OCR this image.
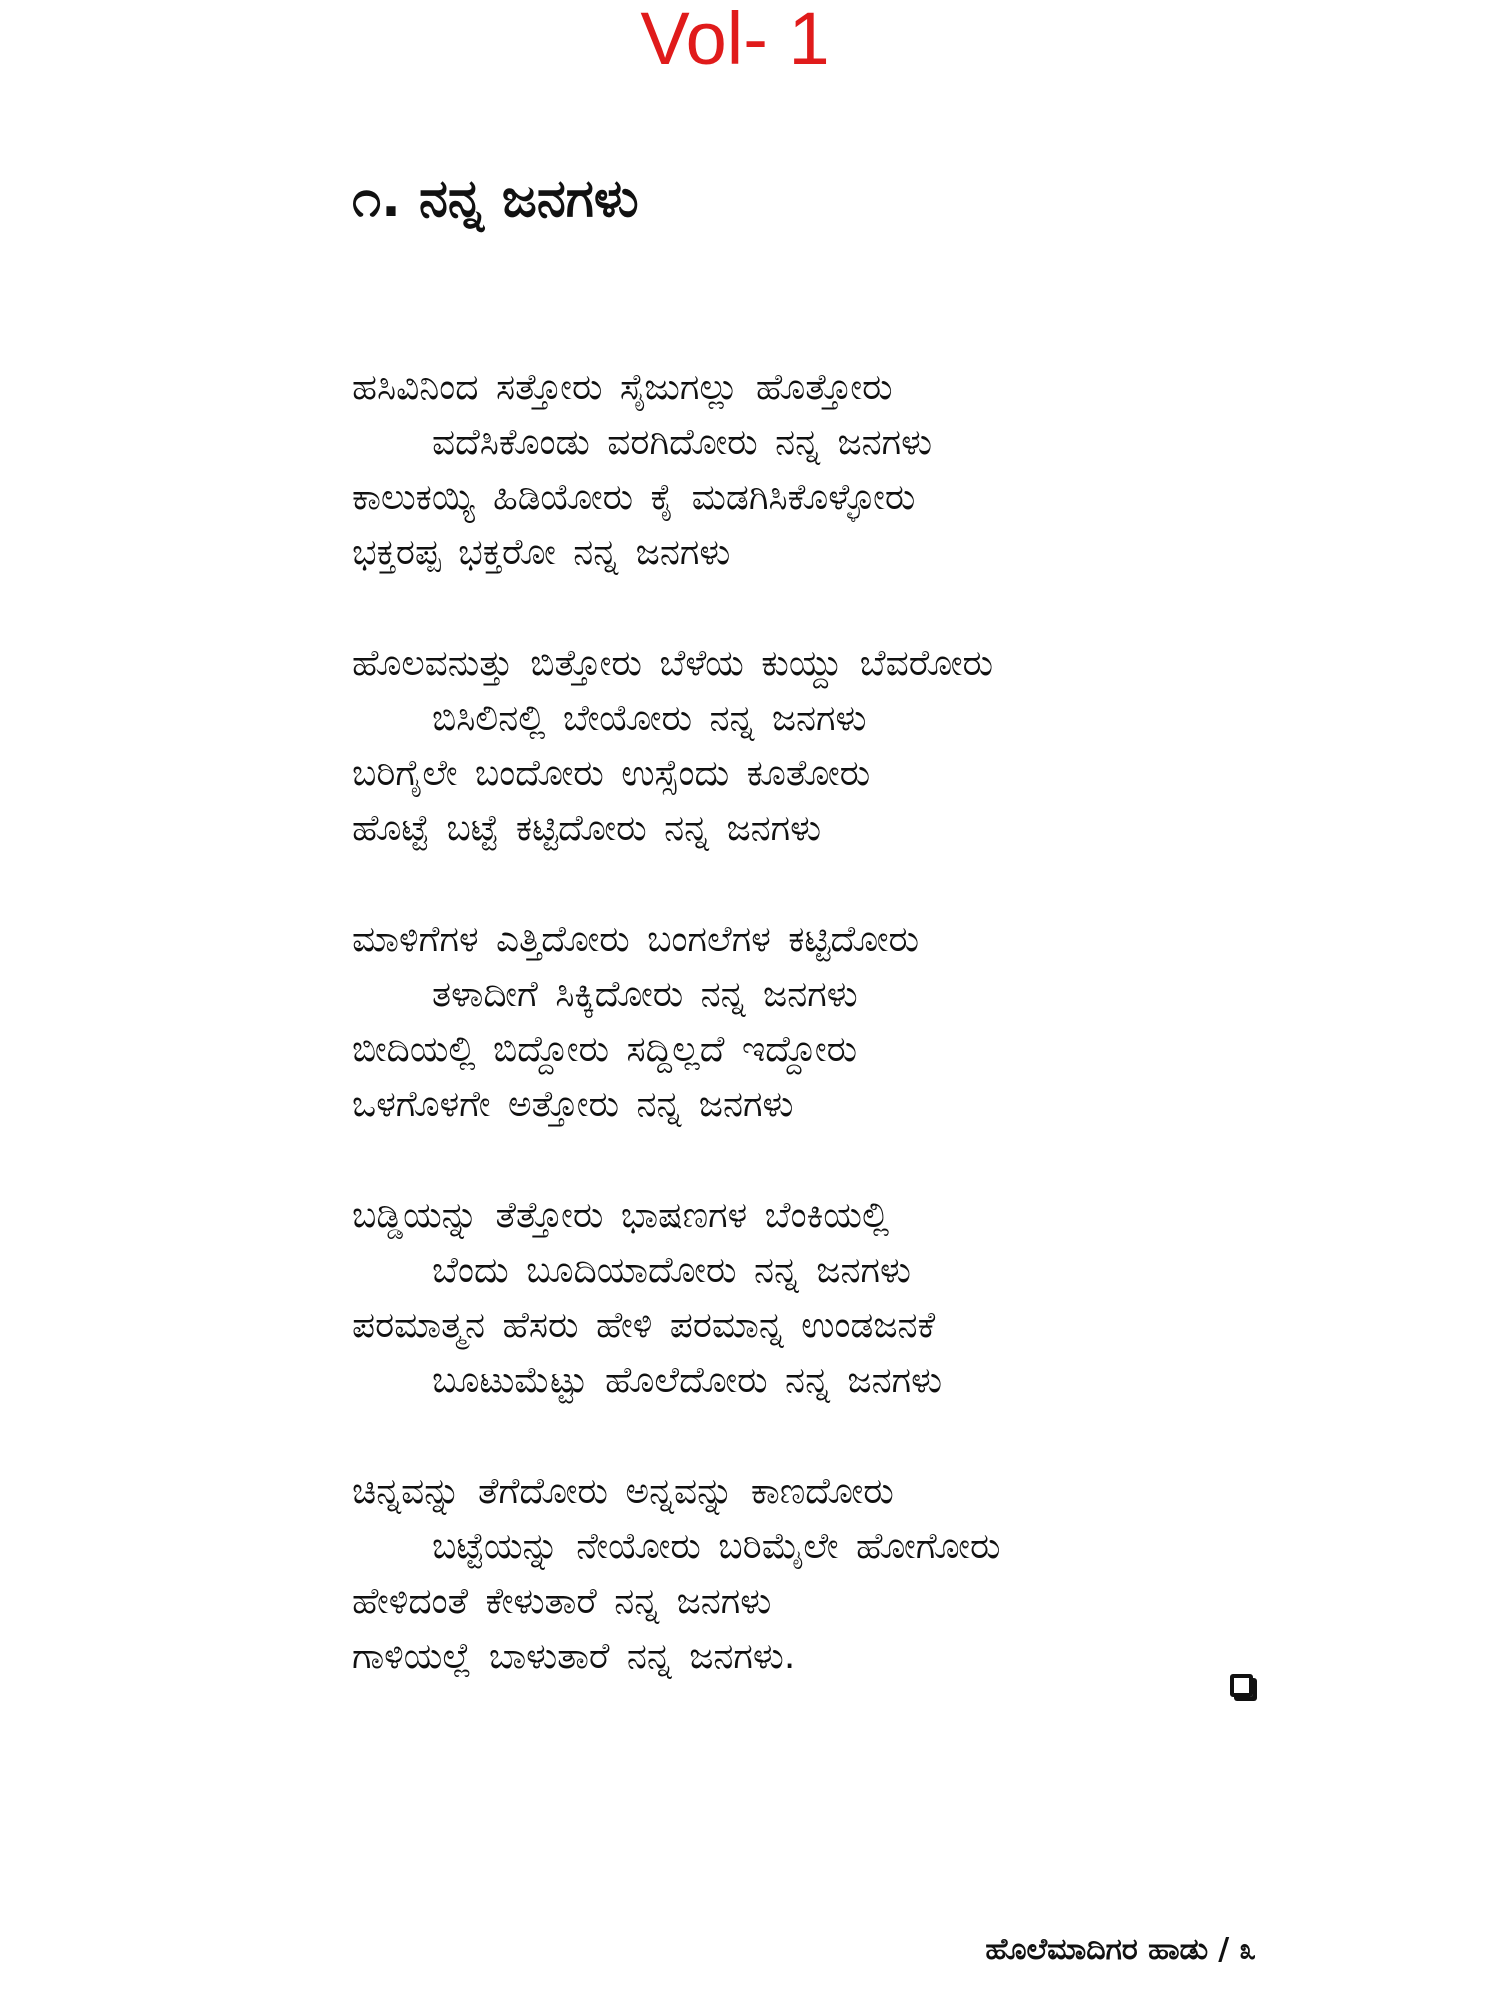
Vol- 1
೧. ನನ್ನ ಜನಗಳು
ಹಸಿವಿನಿಂದ ಸತ್ತೋರು ಸೈಜುಗಲ್ಲು ಹೊತ್ತೋರು
ವದೆಸಿಕೊಂಡು ವರಗಿದೋರು ನನ್ನ ಜನಗಳು
ಕಾಲುಕಯ್ಯಿ ಹಿಡಿಯೋರು ಕೈ ಮಡಗಿಸಿಕೊಳ್ಳೋರು
ಭಕ್ತರಪ್ಪ ಭಕ್ತರೋ ನನ್ನ ಜನಗಳು
ಹೊಲವನುತ್ತು ಬಿತ್ತೋರು ಬೆಳೆಯ ಕುಯ್ದು ಬೆವರೋರು
ಬಿಸಿಲಿನಲ್ಲಿ ಬೇಯೋರು ನನ್ನ ಜನಗಳು
ಬರಿಗೈಲೇ ಬಂದೋರು ಉಸ್ಸೆಂದು ಕೂತೋರು
ಹೊಟ್ಟೆ ಬಟ್ಟೆ ಕಟ್ಟಿದೋರು ನನ್ನ ಜನಗಳು
ಮಾಳಿಗೆಗಳ ಎತ್ತಿದೋರು ಬಂಗಲೆಗಳ ಕಟ್ಟಿದೋರು
ತಳಾದೀಗೆ ಸಿಕ್ಕಿದೋರು ನನ್ನ ಜನಗಳು
ಬೀದಿಯಲ್ಲಿ ಬಿದ್ದೋರು ಸದ್ದಿಲ್ಲದೆ ಇದ್ದೋರು
ಒಳಗೊಳಗೇ ಅತ್ತೋರು ನನ್ನ ಜನಗಳು
ಬಡ್ಡಿಯನ್ನು ತೆತ್ತೋರು ಭಾಷಣಗಳ ಬೆಂಕಿಯಲ್ಲಿ
ಬೆಂದು ಬೂದಿಯಾದೋರು ನನ್ನ ಜನಗಳು
ಪರಮಾತ್ಮನ ಹೆಸರು ಹೇಳಿ ಪರಮಾನ್ನ ಉಂಡಜನಕೆ
ಬೂಟುಮೆಟ್ಟು ಹೊಲೆದೋರು ನನ್ನ ಜನಗಳು
ಚಿನ್ನವನ್ನು ತೆಗೆದೋರು ಅನ್ನವನ್ನು ಕಾಣದೋರು
ಬಟ್ಟೆಯನ್ನು ನೇಯೋರು ಬರಿಮೈಲೇ ಹೋಗೋರು
ಹೇಳಿದಂತೆ ಕೇಳುತಾರೆ ನನ್ನ ಜನಗಳು
ಗಾಳಿಯಲ್ಲೆ ಬಾಳುತಾರೆ ನನ್ನ ಜನಗಳು.
ಹೊಲೆಮಾದಿಗರ ಹಾಡು / ೩
